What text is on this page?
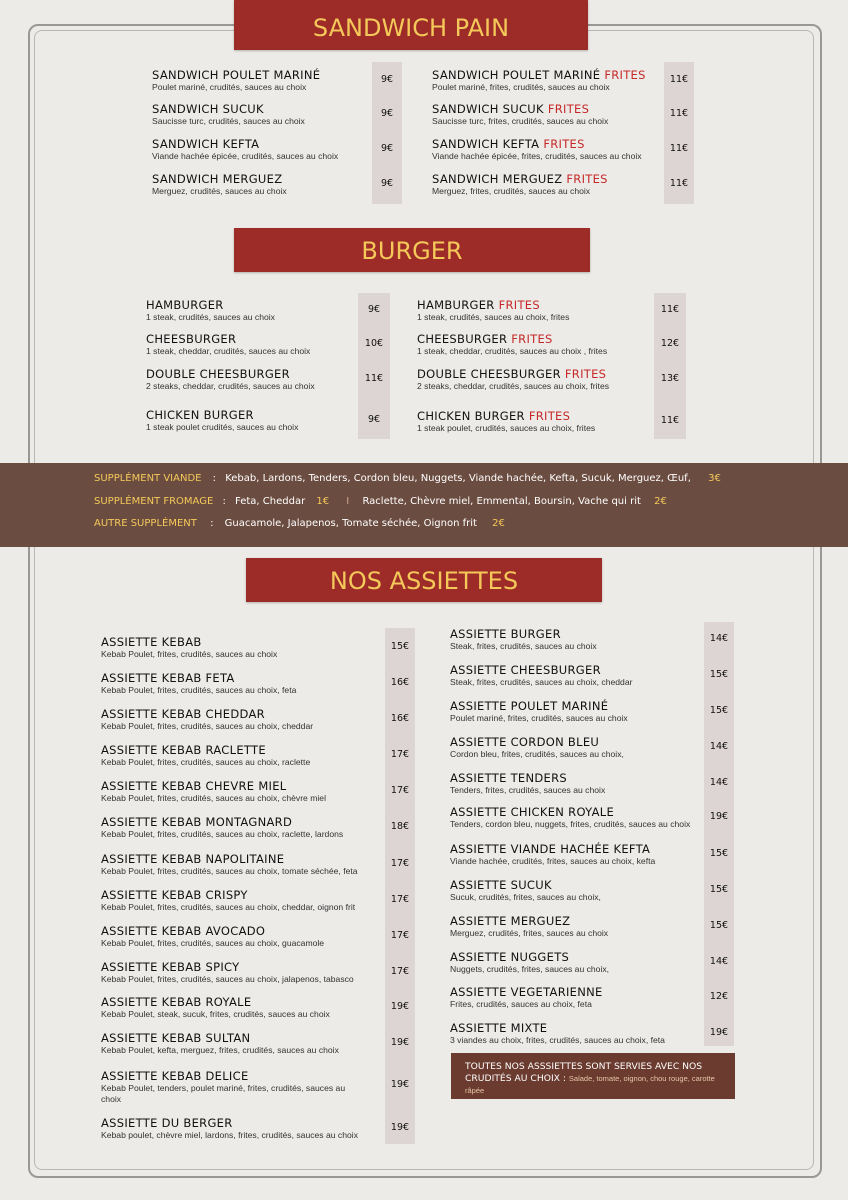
SANDWICH PAIN
BURGER
NOS ASSIETTES
SUPPLÉMENT VIANDE : Kebab, Lardons, Tenders, Cordon bleu, Nuggets, Viande hachée, Kefta, Sucuk, Merguez, Œuf, 3€
SUPPLÉMENT FROMAGE : Feta, Cheddar 1€ I Raclette, Chèvre miel, Emmental, Boursin, Vache qui rit 2€
AUTRE SUPPLÉMENT : Guacamole, Jalapenos, Tomate séchée, Oignon frit 2€
TOUTES NOS ASSSIETTES SONT SERVIES AVEC NOS
CRUDITÉS AU CHOIX : Salade, tomate, oignon, chou rouge, carotte
râpée
SANDWICH POULET MARINÉ
Poulet mariné, crudités, sauces au choix
9€
SANDWICH SUCUK
Saucisse turc, crudités, sauces au choix
9€
SANDWICH KEFTA
Viande hachée épicée, crudités, sauces au choix
9€
SANDWICH MERGUEZ
Merguez, crudités, sauces au choix
9€
SANDWICH POULET MARINÉ FRITES
Poulet mariné, frites, crudités, sauces au choix
11€
SANDWICH SUCUK FRITES
Saucisse turc, frites, crudités, sauces au choix
11€
SANDWICH KEFTA FRITES
Viande hachée épicée, frites, crudités, sauces au choix
11€
SANDWICH MERGUEZ FRITES
Merguez, frites, crudités, sauces au choix
11€
HAMBURGER
1 steak, crudités, sauces au choix
9€
CHEESBURGER
1 steak, cheddar, crudités, sauces au choix
10€
DOUBLE CHEESBURGER
2 steaks, cheddar, crudités, sauces au choix
11€
CHICKEN BURGER
1 steak poulet crudités, sauces au choix
9€
HAMBURGER FRITES
1 steak, crudités, sauces au choix, frites
11€
CHEESBURGER FRITES
1 steak, cheddar, crudités, sauces au choix , frites
12€
DOUBLE CHEESBURGER FRITES
2 steaks, cheddar, crudités, sauces au choix, frites
13€
CHICKEN BURGER FRITES
1 steak poulet, crudités, sauces au choix, frites
11€
ASSIETTE KEBAB
Kebab Poulet, frites, crudités, sauces au choix
15€
ASSIETTE KEBAB FETA
Kebab Poulet, frites, crudités, sauces au choix, feta
16€
ASSIETTE KEBAB CHEDDAR
Kebab Poulet, frites, crudités, sauces au choix, cheddar
16€
ASSIETTE KEBAB RACLETTE
Kebab Poulet, frites, crudités, sauces au choix, raclette
17€
ASSIETTE KEBAB CHEVRE MIEL
Kebab Poulet, frites, crudités, sauces au choix, chèvre miel
17€
ASSIETTE KEBAB MONTAGNARD
Kebab Poulet, frites, crudités, sauces au choix, raclette, lardons
18€
ASSIETTE KEBAB NAPOLITAINE
Kebab Poulet, frites, crudités, sauces au choix, tomate séchée, feta
17€
ASSIETTE KEBAB CRISPY
Kebab Poulet, frites, crudités, sauces au choix, cheddar, oignon frit
17€
ASSIETTE KEBAB AVOCADO
Kebab Poulet, frites, crudités, sauces au choix, guacamole
17€
ASSIETTE KEBAB SPICY
Kebab Poulet, frites, crudités, sauces au choix, jalapenos, tabasco
17€
ASSIETTE KEBAB ROYALE
Kebab Poulet, steak, sucuk, frites, crudités, sauces au choix
19€
ASSIETTE KEBAB SULTAN
Kebab Poulet, kefta, merguez, frites, crudités, sauces au choix
19€
ASSIETTE KEBAB DELICE
Kebab Poulet, tenders, poulet mariné, frites, crudités, sauces au choix
19€
ASSIETTE DU BERGER
Kebab poulet, chèvre miel, lardons, frites, crudités, sauces au choix
19€
ASSIETTE BURGER
Steak, frites, crudités, sauces au choix
14€
ASSIETTE CHEESBURGER
Steak, frites, crudités, sauces au choix, cheddar
15€
ASSIETTE POULET MARINÉ
Poulet mariné, frites, crudités, sauces au choix
15€
ASSIETTE CORDON BLEU
Cordon bleu, frites, crudités, sauces au choix,
14€
ASSIETTE TENDERS
Tenders, frites, crudités, sauces au choix
14€
ASSIETTE CHICKEN ROYALE
Tenders, cordon bleu, nuggets, frites, crudités, sauces au choix
19€
ASSIETTE VIANDE HACHÉE KEFTA
Viande hachée, crudités, frites, sauces au choix, kefta
15€
ASSIETTE SUCUK
Sucuk, crudités, frites, sauces au choix,
15€
ASSIETTE MERGUEZ
Merguez, crudités, frites, sauces au choix
15€
ASSIETTE NUGGETS
Nuggets, crudités, frites, sauces au choix,
14€
ASSIETTE VEGETARIENNE
Frites, crudités, sauces au choix, feta
12€
ASSIETTE MIXTE
3 viandes au choix, frites, crudités, sauces au choix, feta
19€
